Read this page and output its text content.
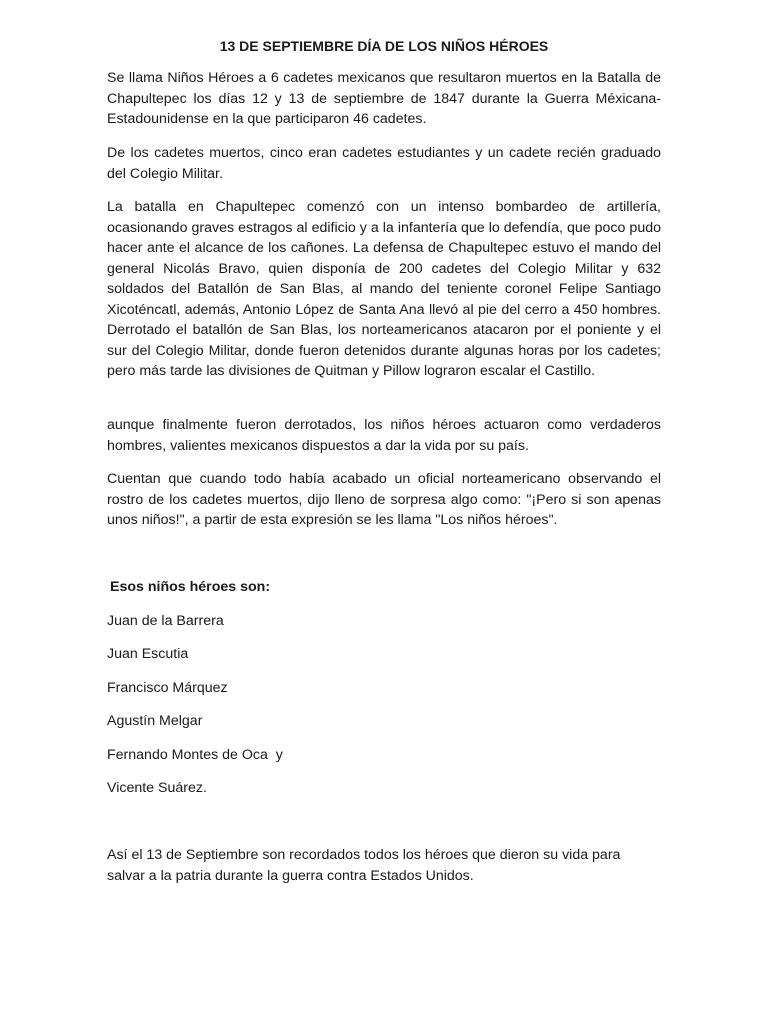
13 DE SEPTIEMBRE DÍA DE LOS NIÑOS HÉROES

Se llama Niños Héroes a 6 cadetes mexicanos que resultaron muertos en la Batalla de Chapultepec los días 12 y 13 de septiembre de 1847 durante la Guerra Méxicana-Estadounidense en la que participaron 46 cadetes.

De los cadetes muertos, cinco eran cadetes estudiantes y un cadete recién graduado del Colegio Militar.

La batalla en Chapultepec comenzó con un intenso bombardeo de artillería, ocasionando graves estragos al edificio y a la infantería que lo defendía, que poco pudo hacer ante el alcance de los cañones. La defensa de Chapultepec estuvo el mando del general Nicolás Bravo, quien disponía de 200 cadetes del Colegio Militar y 632 soldados del Batallón de San Blas, al mando del teniente coronel Felipe Santiago Xicoténcatl, además, Antonio López de Santa Ana llevó al pie del cerro a 450 hombres. Derrotado el batallón de San Blas, los norteamericanos atacaron por el poniente y el sur del Colegio Militar, donde fueron detenidos durante algunas horas por los cadetes; pero más tarde las divisiones de Quitman y Pillow lograron escalar el Castillo.

aunque finalmente fueron derrotados, los niños héroes actuaron como verdaderos hombres, valientes mexicanos dispuestos a dar la vida por su país.

Cuentan que cuando todo había acabado un oficial norteamericano observando el rostro de los cadetes muertos, dijo lleno de sorpresa algo como: "¡Pero si son apenas unos niños!", a partir de esta expresión se les llama "Los niños héroes".

Esos niños héroes son:

Juan de la Barrera

Juan Escutia

Francisco Márquez

Agustín Melgar

Fernando Montes de Oca  y

Vicente Suárez.

Así el 13 de Septiembre son recordados todos los héroes que dieron su vida para salvar a la patria durante la guerra contra Estados Unidos.
